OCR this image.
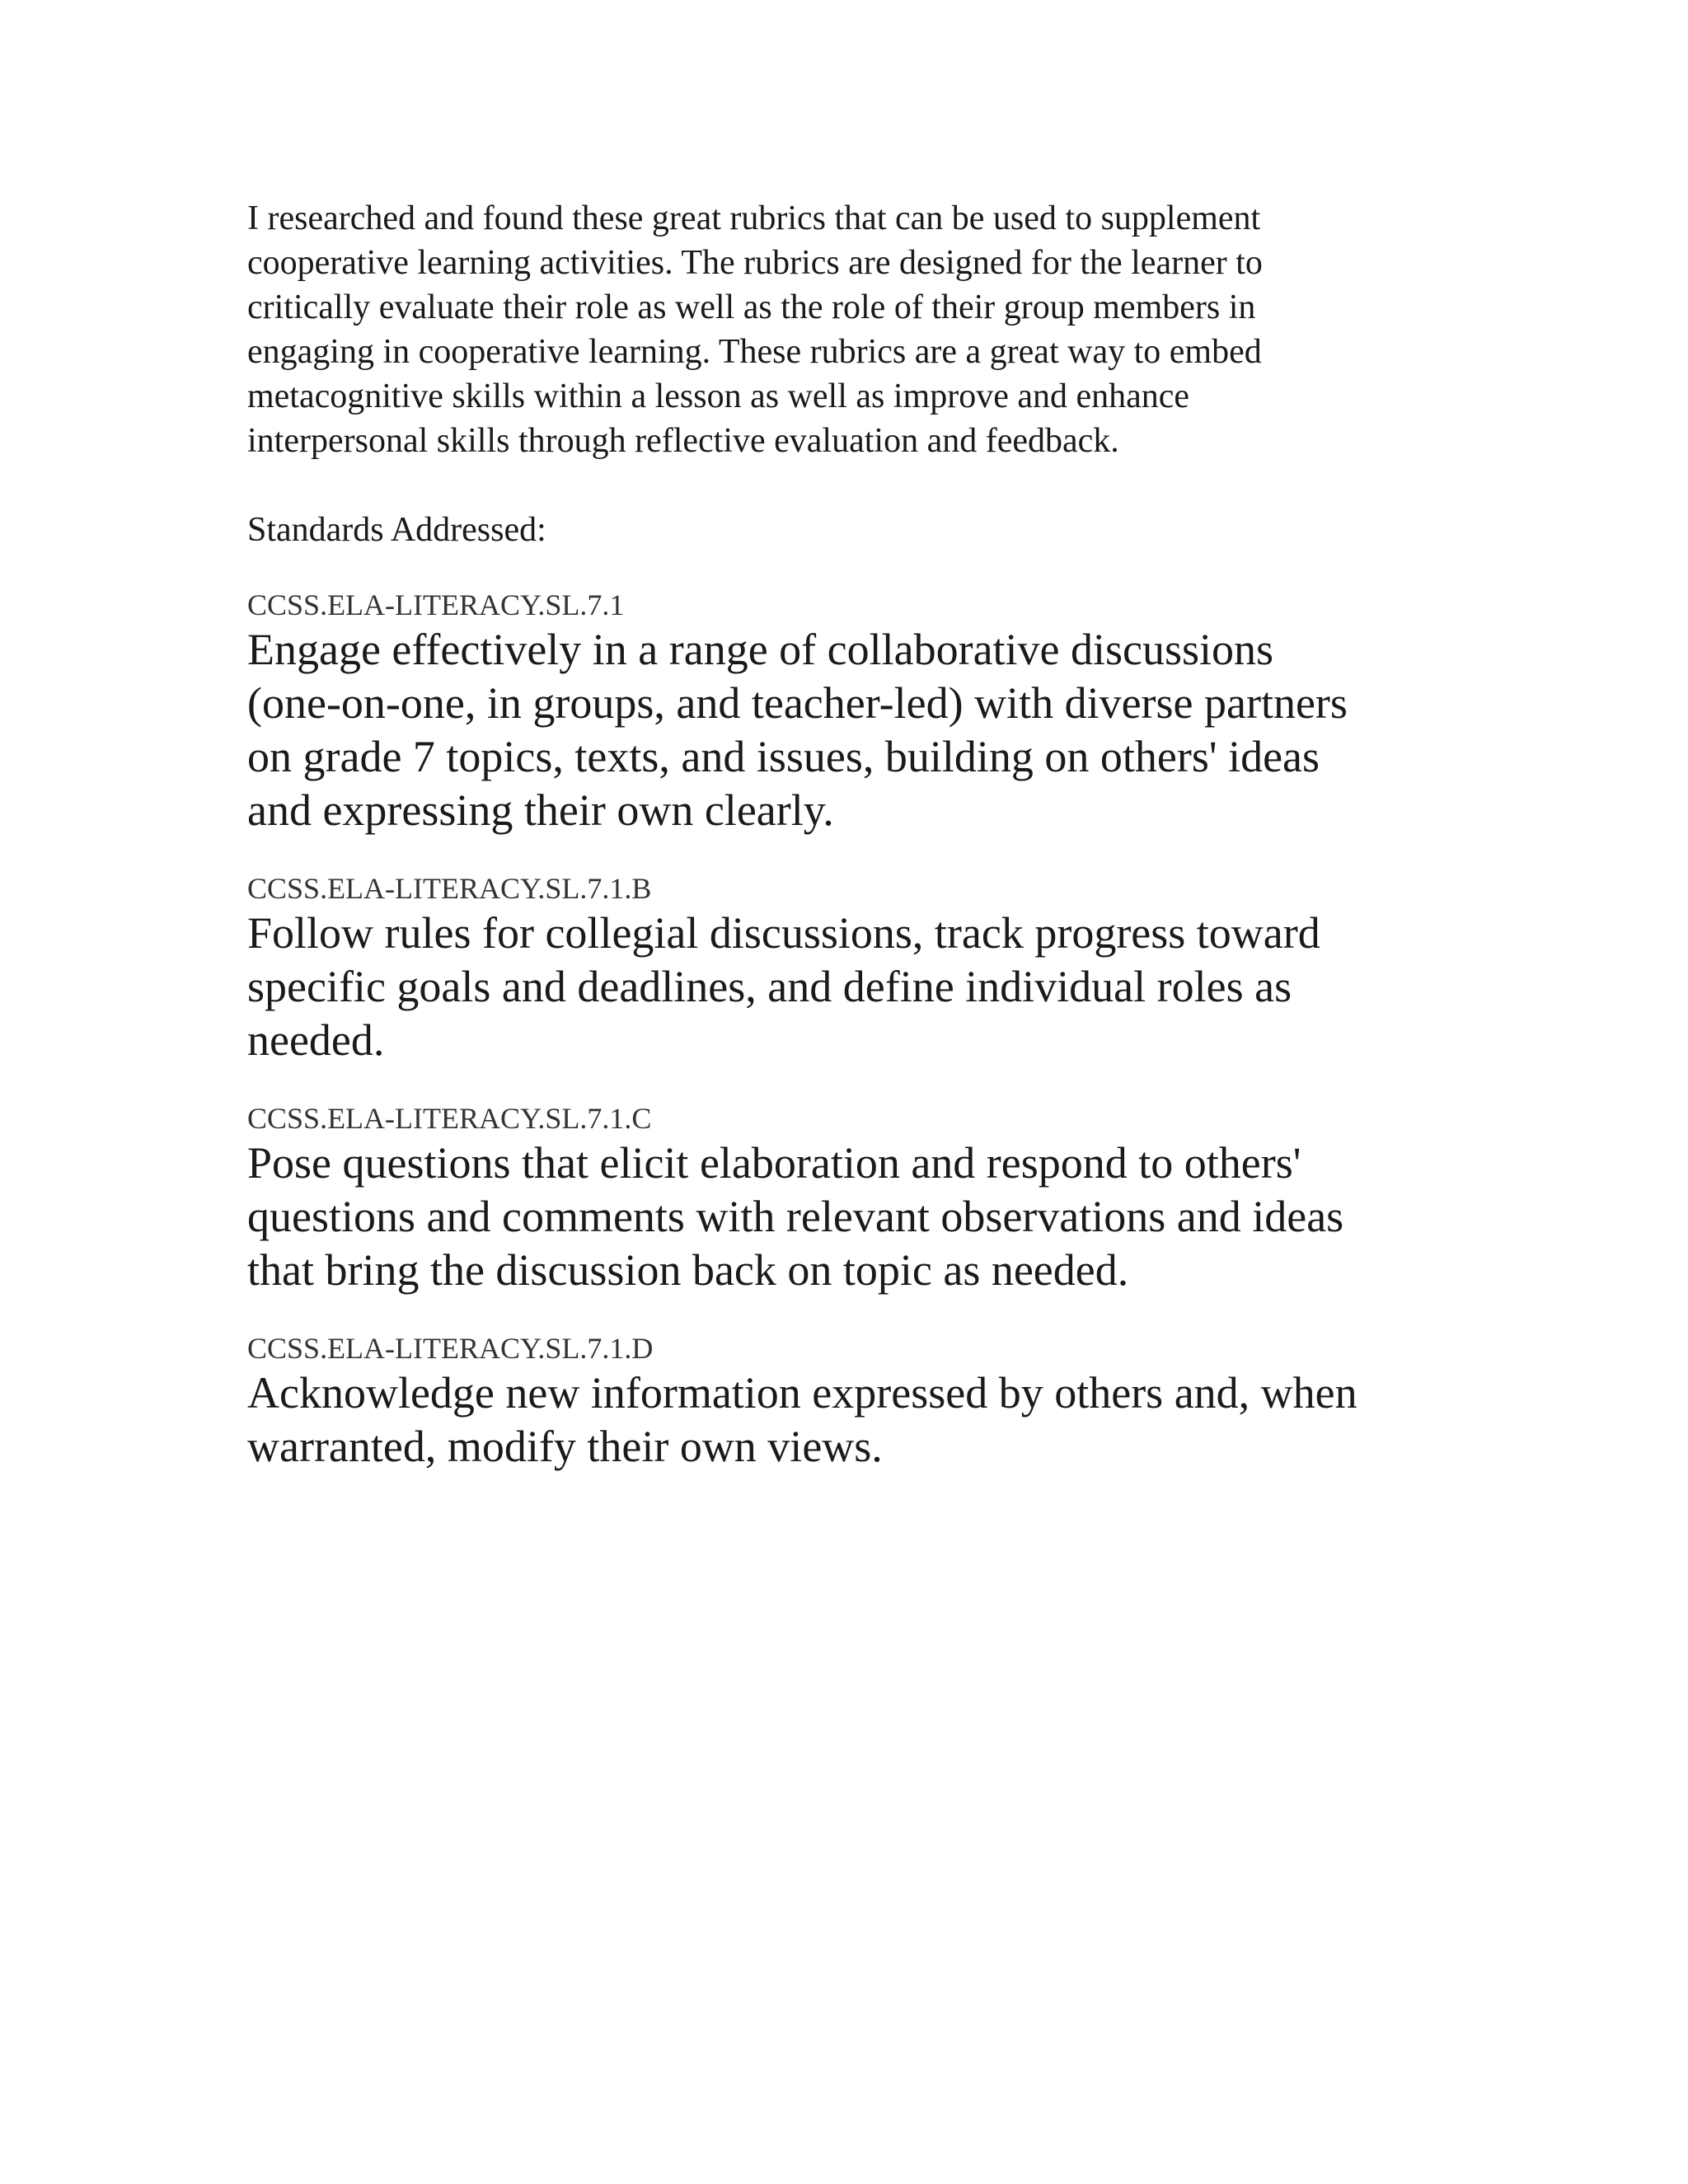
I researched and found these great rubrics that can be used to supplement

cooperative learning activities. The rubrics are designed for the learner to

critically evaluate their role as well as the role of their group members in

engaging in cooperative learning. These rubrics are a great way to embed

metacognitive skills within a lesson as well as improve and enhance

interpersonal skills through reflective evaluation and feedback.

Standards Addressed:

CCSS.ELA-LITERACY.SL.7.1

Engage effectively in a range of collaborative discussions

(one-on-one, in groups, and teacher-led) with diverse partners

on grade 7 topics, texts, and issues, building on others' ideas

and expressing their own clearly.

CCSS.ELA-LITERACY.SL.7.1.B

Follow rules for collegial discussions, track progress toward

specific goals and deadlines, and define individual roles as

needed.

CCSS.ELA-LITERACY.SL.7.1.C

Pose questions that elicit elaboration and respond to others'

questions and comments with relevant observations and ideas

that bring the discussion back on topic as needed.

CCSS.ELA-LITERACY.SL.7.1.D

Acknowledge new information expressed by others and, when

warranted, modify their own views.
